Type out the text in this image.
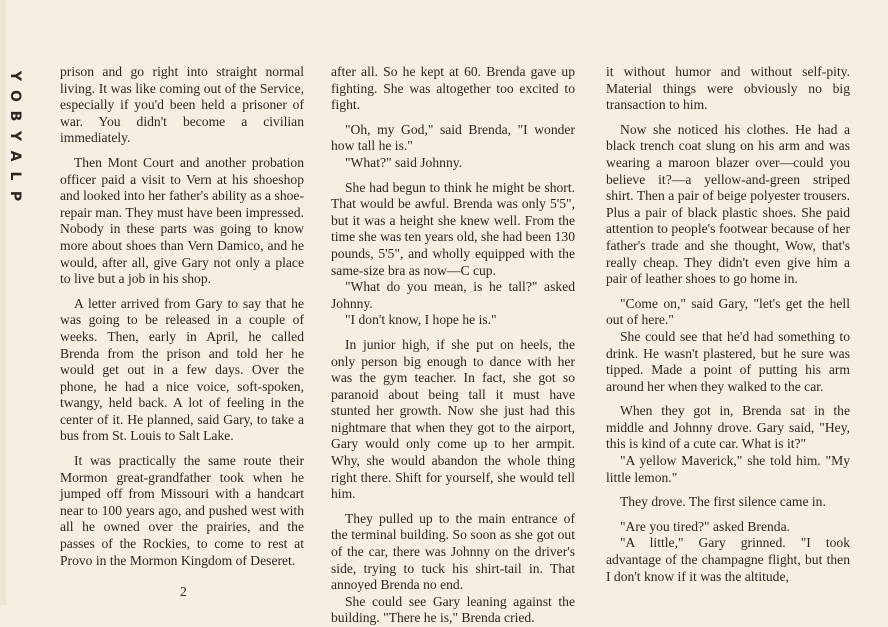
Y
O
B
Y
A
L
P

prison and go right into straight normal living. It was like coming out of the Service, especially if you'd been held a prisoner of war. You didn't become a civilian immediately.

Then Mont Court and another probation officer paid a visit to Vern at his shoeshop and looked into her father's ability as a shoe-repair man. They must have been impressed. Nobody in these parts was going to know more about shoes than Vern Damico, and he would, after all, give Gary not only a place to live but a job in his shop.

A letter arrived from Gary to say that he was going to be released in a couple of weeks. Then, early in April, he called Brenda from the prison and told her he would get out in a few days. Over the phone, he had a nice voice, soft-spoken, twangy, held back. A lot of feeling in the center of it. He planned, said Gary, to take a bus from St. Louis to Salt Lake.

It was practically the same route their Mormon great-grandfather took when he jumped off from Missouri with a handcart near to 100 years ago, and pushed west with all he owned over the prairies, and the passes of the Rockies, to come to rest at Provo in the Mormon Kingdom of Deseret.

after all. So he kept at 60. Brenda gave up fighting. She was altogether too excited to fight.

"Oh, my God," said Brenda, "I wonder how tall he is."

"What?" said Johnny.

She had begun to think he might be short. That would be awful. Brenda was only 5'5", but it was a height she knew well. From the time she was ten years old, she had been 130 pounds, 5'5", and wholly equipped with the same-size bra as now—C cup.

"What do you mean, is he tall?" asked Johnny.

"I don't know, I hope he is."

In junior high, if she put on heels, the only person big enough to dance with her was the gym teacher. In fact, she got so paranoid about being tall it must have stunted her growth. Now she just had this nightmare that when they got to the airport, Gary would only come up to her armpit. Why, she would abandon the whole thing right there. Shift for yourself, she would tell him.

They pulled up to the main entrance of the terminal building. So soon as she got out of the car, there was Johnny on the driver's side, trying to tuck his shirt-tail in. That annoyed Brenda no end.

She could see Gary leaning against the building. "There he is," Brenda cried.

it without humor and without self-pity. Material things were obviously no big transaction to him.

Now she noticed his clothes. He had a black trench coat slung on his arm and was wearing a maroon blazer over—could you believe it?—a yellow-and-green striped shirt. Then a pair of beige polyester trousers. Plus a pair of black plastic shoes. She paid attention to people's footwear because of her father's trade and she thought, Wow, that's really cheap. They didn't even give him a pair of leather shoes to go home in.

"Come on," said Gary, "let's get the hell out of here."

She could see that he'd had something to drink. He wasn't plastered, but he sure was tipped. Made a point of putting his arm around her when they walked to the car.

When they got in, Brenda sat in the middle and Johnny drove. Gary said, "Hey, this is kind of a cute car. What is it?"

"A yellow Maverick," she told him. "My little lemon."

They drove. The first silence came in.

"Are you tired?" asked Brenda.

"A little," Gary grinned. "I took advantage of the champagne flight, but then I don't know if it was the altitude,

2
